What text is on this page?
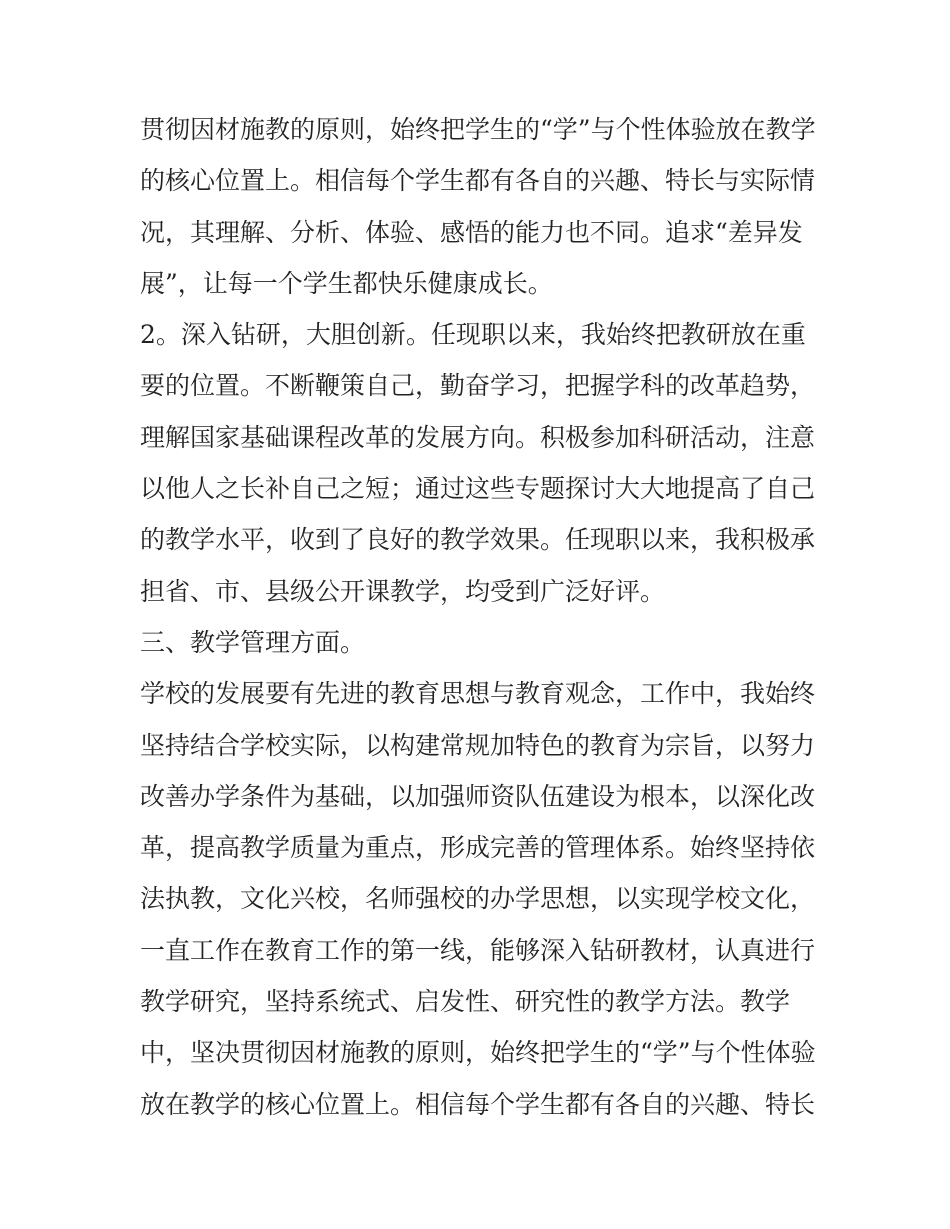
贯彻因材施教的原则，始终把学生的“学”与个性体验放在教学
的核心位置上。相信每个学生都有各自的兴趣、特长与实际情
况，其理解、分析、体验、感悟的能力也不同。追求“差异发
展”，让每一个学生都快乐健康成长。
2。深入钻研，大胆创新。任现职以来，我始终把教研放在重
要的位置。不断鞭策自己，勤奋学习，把握学科的改革趋势，
理解国家基础课程改革的发展方向。积极参加科研活动，注意
以他人之长补自己之短；通过这些专题探讨大大地提高了自己
的教学水平，收到了良好的教学效果。任现职以来，我积极承
担省、市、县级公开课教学，均受到广泛好评。
三、教学管理方面。
学校的发展要有先进的教育思想与教育观念，工作中，我始终
坚持结合学校实际，以构建常规加特色的教育为宗旨，以努力
改善办学条件为基础，以加强师资队伍建设为根本，以深化改
革，提高教学质量为重点，形成完善的管理体系。始终坚持依
法执教，文化兴校，名师强校的办学思想，以实现学校文化，
一直工作在教育工作的第一线，能够深入钻研教材，认真进行
教学研究，坚持系统式、启发性、研究性的教学方法。教学
中，坚决贯彻因材施教的原则，始终把学生的“学”与个性体验
放在教学的核心位置上。相信每个学生都有各自的兴趣、特长
